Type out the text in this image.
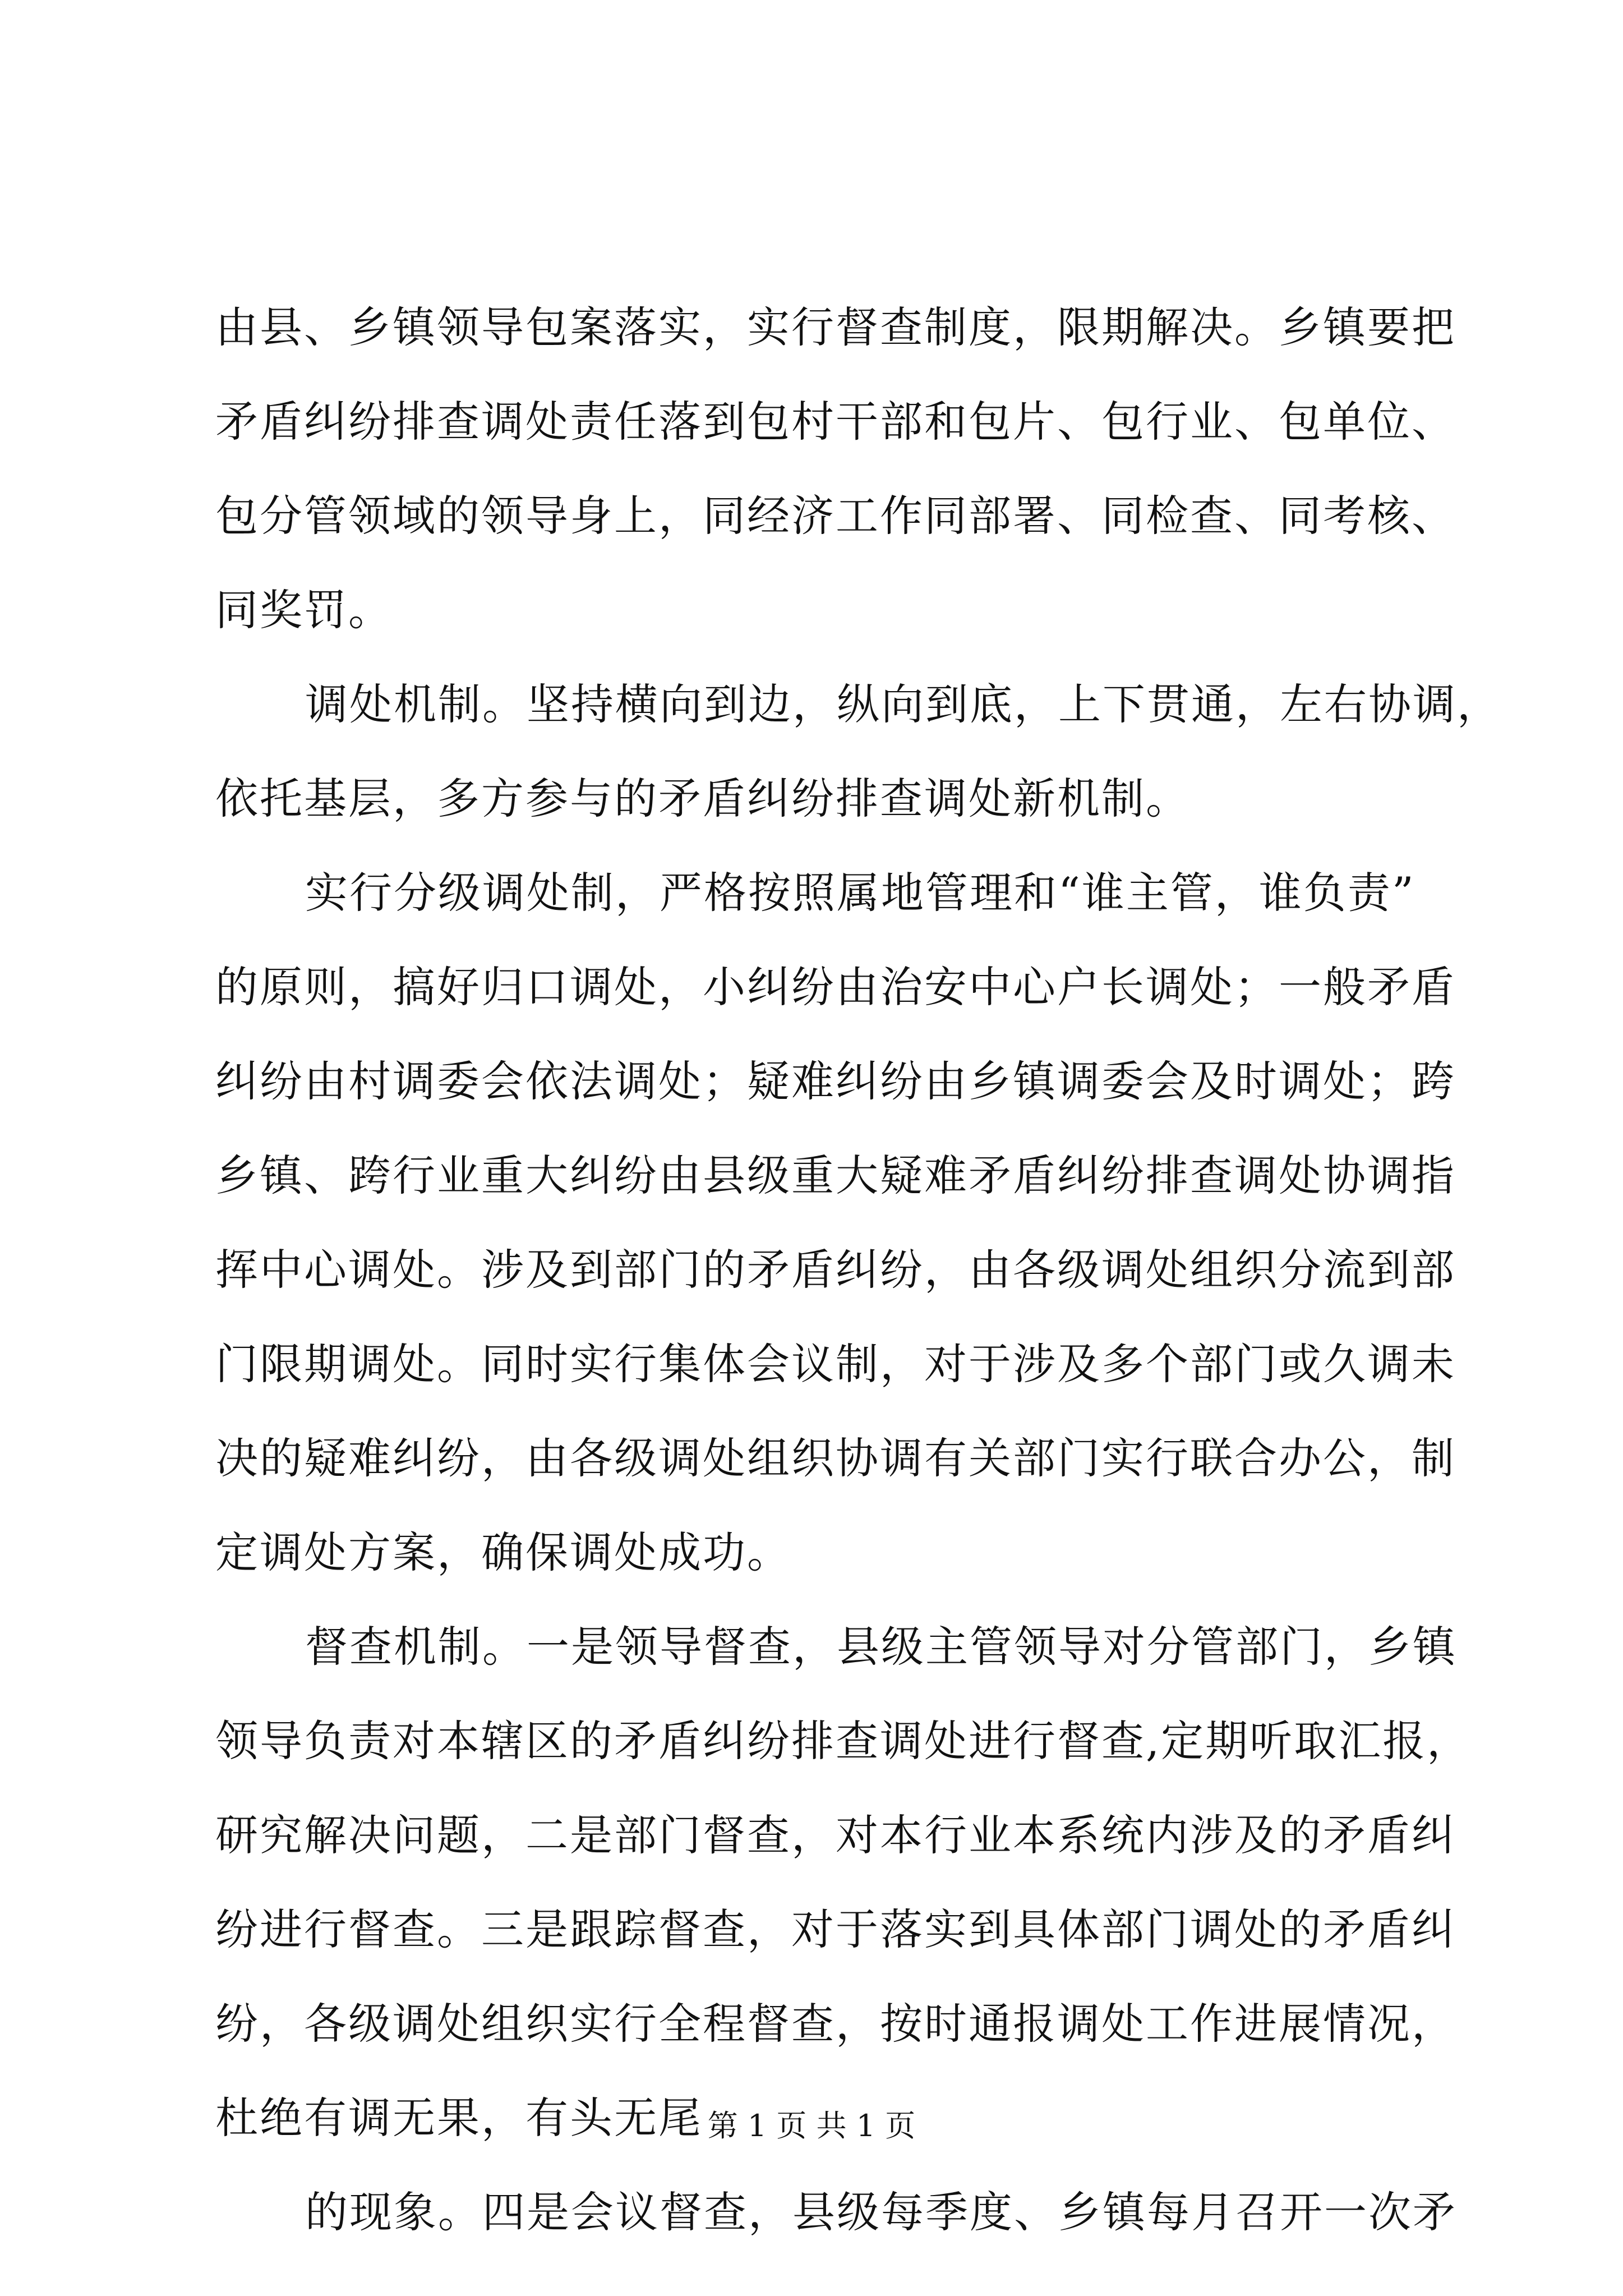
由县、乡镇领导包案落实，实行督查制度，限期解决。乡镇要把
矛盾纠纷排查调处责任落到包村干部和包片、包行业、包单位、
包分管领域的领导身上，同经济工作同部署、同检查、同考核、
同奖罚。
调处机制。坚持横向到边，纵向到底，上下贯通，左右协调，
依托基层，多方参与的矛盾纠纷排查调处新机制。
实行分级调处制，严格按照属地管理和“谁主管，谁负责”
的原则，搞好归口调处，小纠纷由治安中心户长调处；一般矛盾
纠纷由村调委会依法调处；疑难纠纷由乡镇调委会及时调处；跨
乡镇、跨行业重大纠纷由县级重大疑难矛盾纠纷排查调处协调指
挥中心调处。涉及到部门的矛盾纠纷，由各级调处组织分流到部
门限期调处。同时实行集体会议制，对于涉及多个部门或久调未
决的疑难纠纷，由各级调处组织协调有关部门实行联合办公，制
定调处方案，确保调处成功。
督查机制。一是领导督查，县级主管领导对分管部门，乡镇
领导负责对本辖区的矛盾纠纷排查调处进行督查,定期听取汇报，
研究解决问题，二是部门督查，对本行业本系统内涉及的矛盾纠
纷进行督查。三是跟踪督查，对于落实到具体部门调处的矛盾纠
纷，各级调处组织实行全程督查，按时通报调处工作进展情况，
杜绝有调无果，有头无尾
的现象。四是会议督查，县级每季度、乡镇每月召开一次矛
第 1 页 共 1 页
